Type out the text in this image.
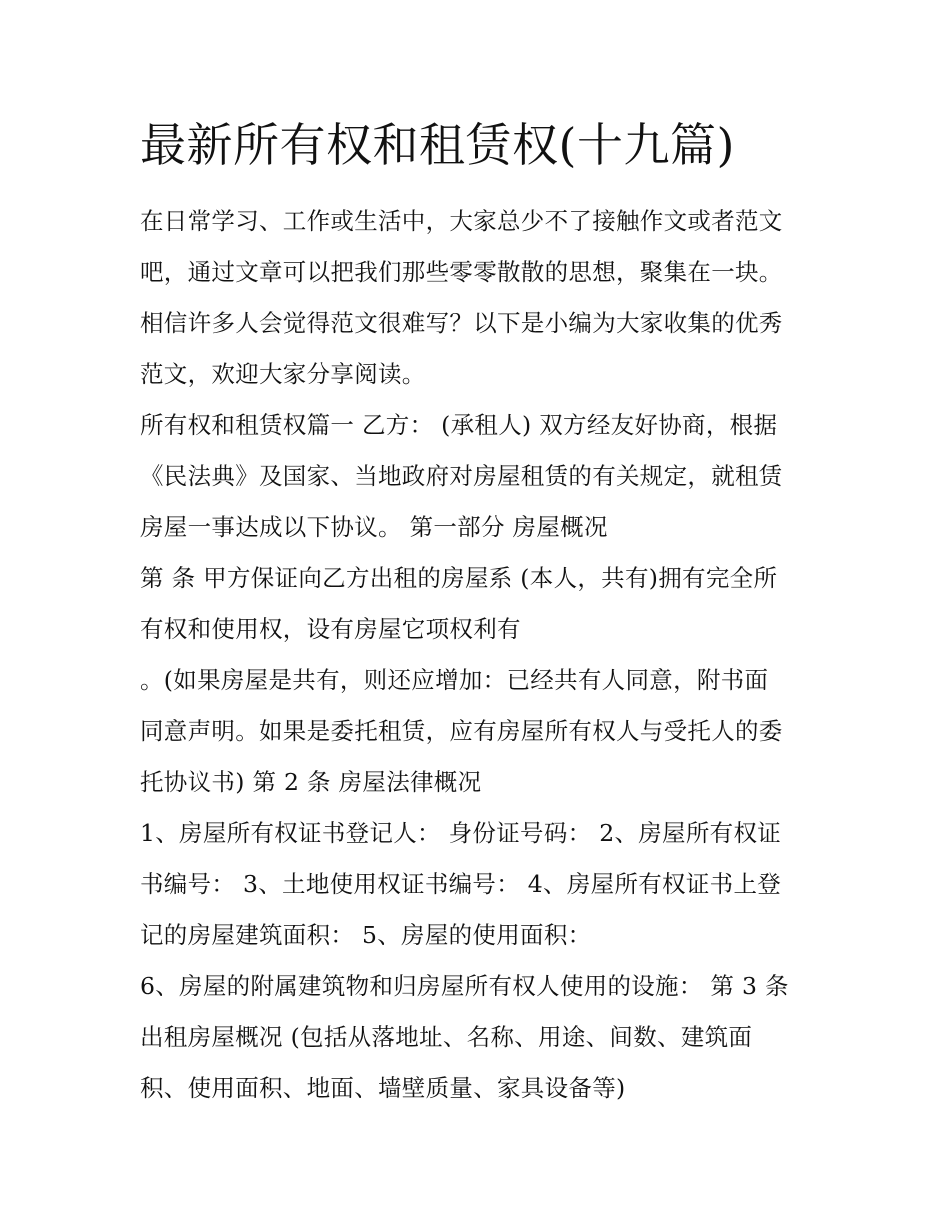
最新所有权和租赁权(十九篇)

在日常学习、工作或生活中，大家总少不了接触作文或者范文

吧，通过文章可以把我们那些零零散散的思想，聚集在一块。

相信许多人会觉得范文很难写？以下是小编为大家收集的优秀

范文，欢迎大家分享阅读。

所有权和租赁权篇一 乙方： (承租人) 双方经友好协商，根据

《民法典》及国家、当地政府对房屋租赁的有关规定，就租赁

房屋一事达成以下协议。 第一部分 房屋概况

第 条 甲方保证向乙方出租的房屋系 (本人，共有)拥有完全所

有权和使用权，设有房屋它项权利有

。(如果房屋是共有，则还应增加：已经共有人同意，附书面

同意声明。如果是委托租赁，应有房屋所有权人与受托人的委

托协议书) 第 2 条 房屋法律概况

1、房屋所有权证书登记人： 身份证号码： 2、房屋所有权证

书编号： 3、土地使用权证书编号： 4、房屋所有权证书上登

记的房屋建筑面积： 5、房屋的使用面积：

6、房屋的附属建筑物和归房屋所有权人使用的设施： 第 3 条

出租房屋概况 (包括从落地址、名称、用途、间数、建筑面

积、使用面积、地面、墙壁质量、家具设备等)
